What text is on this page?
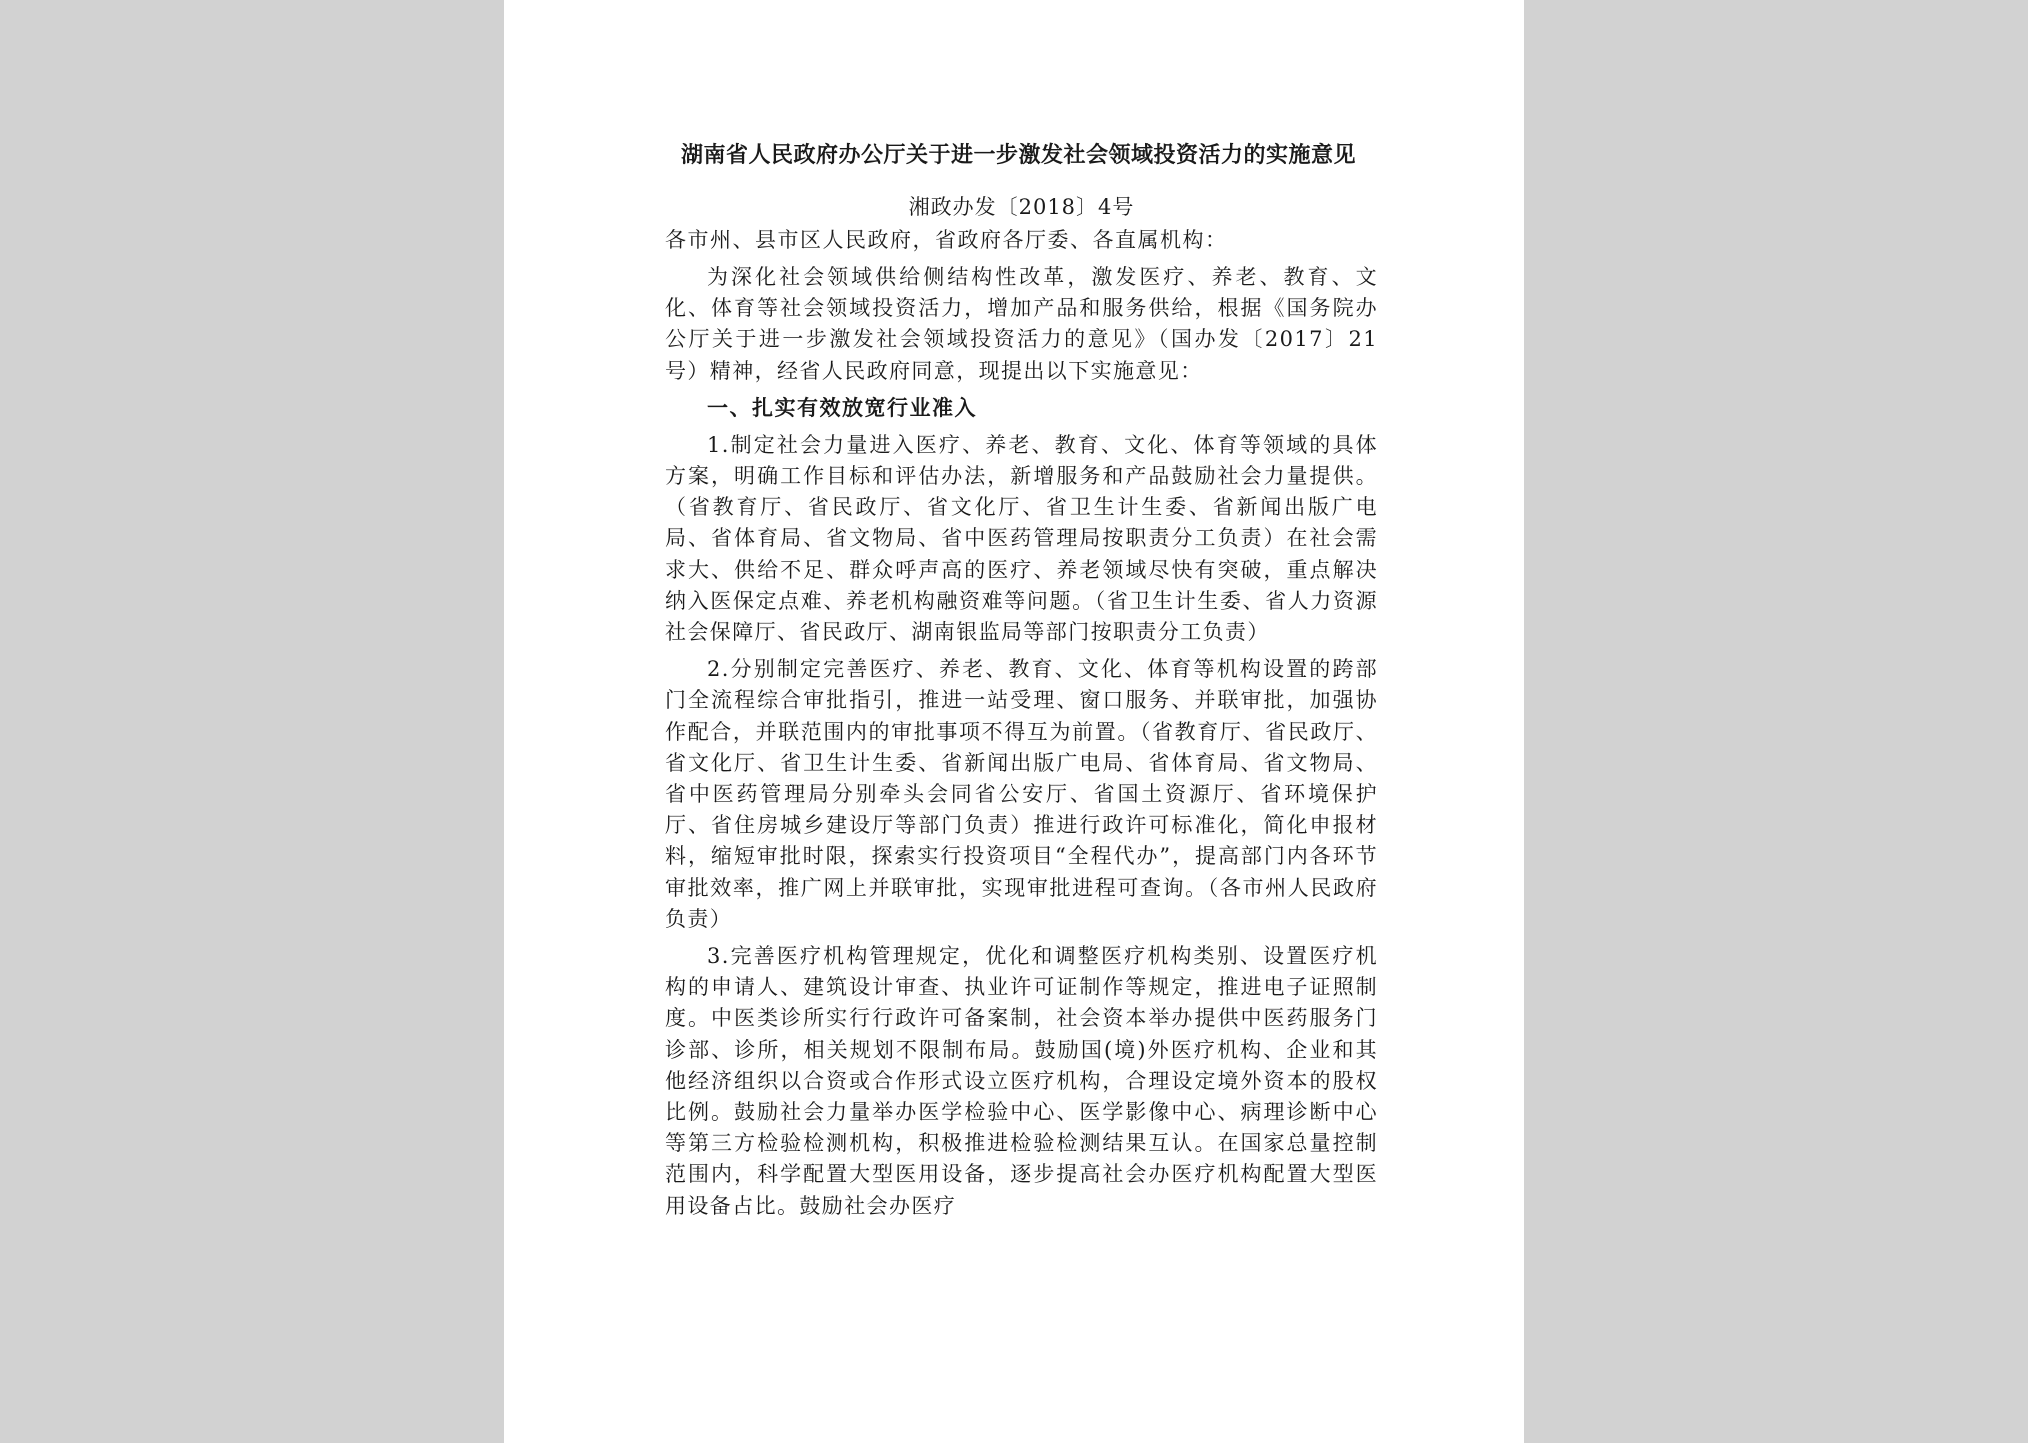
湖南省人民政府办公厅关于进一步激发社会领域投资活力的实施意见
湘政办发〔2018〕4号
各市州、县市区人民政府，省政府各厅委、各直属机构：
为深化社会领域供给侧结构性改革，激发医疗、养老、教育、文化、体育等社会领域投资活力，增加产品和服务供给，根据《国务院办公厅关于进一步激发社会领域投资活力的意见》（国办发〔2017〕21号）精神，经省人民政府同意，现提出以下实施意见：
一、扎实有效放宽行业准入
1.制定社会力量进入医疗、养老、教育、文化、体育等领域的具体方案，明确工作目标和评估办法，新增服务和产品鼓励社会力量提供。（省教育厅、省民政厅、省文化厅、省卫生计生委、省新闻出版广电局、省体育局、省文物局、省中医药管理局按职责分工负责）在社会需求大、供给不足、群众呼声高的医疗、养老领域尽快有突破，重点解决纳入医保定点难、养老机构融资难等问题。（省卫生计生委、省人力资源社会保障厅、省民政厅、湖南银监局等部门按职责分工负责）
2.分别制定完善医疗、养老、教育、文化、体育等机构设置的跨部门全流程综合审批指引，推进一站受理、窗口服务、并联审批，加强协作配合，并联范围内的审批事项不得互为前置。（省教育厅、省民政厅、省文化厅、省卫生计生委、省新闻出版广电局、省体育局、省文物局、省中医药管理局分别牵头会同省公安厅、省国土资源厅、省环境保护厅、省住房城乡建设厅等部门负责）推进行政许可标准化，简化申报材料，缩短审批时限，探索实行投资项目“全程代办”，提高部门内各环节审批效率，推广网上并联审批，实现审批进程可查询。（各市州人民政府负责）
3.完善医疗机构管理规定，优化和调整医疗机构类别、设置医疗机构的申请人、建筑设计审查、执业许可证制作等规定，推进电子证照制度。中医类诊所实行行政许可备案制，社会资本举办提供中医药服务门诊部、诊所，相关规划不限制布局。鼓励国(境)外医疗机构、企业和其他经济组织以合资或合作形式设立医疗机构，合理设定境外资本的股权比例。鼓励社会力量举办医学检验中心、医学影像中心、病理诊断中心等第三方检验检测机构，积极推进检验检测结果互认。在国家总量控制范围内，科学配置大型医用设备，逐步提高社会办医疗机构配置大型医用设备占比。鼓励社会办医疗
